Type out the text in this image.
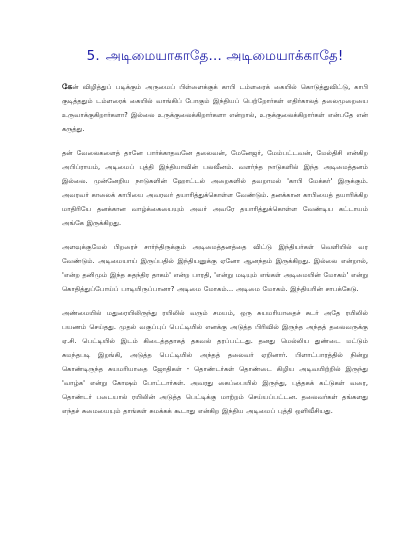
5. அடிமையாகாதே… அடிமையாக்காதே!

கேன் விழித்துப் படிக்கும் அருமைப் பிள்ளைக்குக் காபி டம்ளரைக் கையில் கொடுத்துவிட்டு, காபி குடித்ததும் டம்ளரைக் கையில் வாங்கிப் போகும் இந்தியப் பெற்றோர்கள் எதிர்காலத் தலைமுறையை உருவாக்குகிறார்களா? இல்லை உருக்குலைக்கிறார்களா என்றால், உருக்குலைக்கிறார்கள் என்பதே என் கருத்து.

தன் வேலைகளைத் தானே பார்க்காதவனே தலைவன், மேனேஜர், மேம்பட்டவன், மேல்திசி என்கிற அபிப்ராயம், அடிமைப் புத்தி இந்தியாவின் பலவீனம். வளர்ந்த நாடுகளில் இந்த அடிமைத்தனம் இல்லை. முன்னேறிய நாடுகளின் ஹோட்டல் அறைகளில் தவறாமல் 'காபி மேக்கர்' இருக்கும். அவரவர் காலைக் காபியை அவரவர் தயாரித்துக்கொள்ள வேண்டும். தனக்கான காபியைத் தயாரிக்கிற மாதிரியே தனக்கான வாழ்க்கையையும் அவர் அவரே தயாரித்துக்கொள்ள வேண்டிய கட்டாயம் அங்கே இருக்கிறது.

அளவுக்குமேல் பிறரைச் சார்ந்திருக்கும் அடிமைத்தனத்தை விட்டு இந்தியர்கள் வெளியில் வர வேண்டும். அடிமையாய் இருப்பதில் இந்தியனுக்கு ஏனோ ஆனந்தம் இருக்கிறது. இல்லை என்றால், 'என்ற தனிமும் இந்த சுதந்திர தாகம்' என்ற பாரதி, 'என்று மடியும் எங்கள் அடிமையின் மோகம்' என்று கொதித்துப்போய்ப் பாடியிருப்பானா? அடிமை மோகம்… அடிமை மோகம். இந்தியரின் சாபக்கேடு.

அண்மையில் மதுரையிலிருந்து ரயிலில் வரும் சமயம், ஒரு சுயமரியாதைச் சுடர் அதே ரயிலில் பயணம் செய்தது. முதல் வகுப்புப் பெட்டியில் எனக்கு அடுத்த பிரிவில் இருந்த அந்தத் தலைவருக்கு ஏ.சி. பெட்டியில் இடம் கிடைத்ததாகத் தகவல் தரப்பட்டது. தனது மெல்லிய துண்டை மட்டும் சுமந்தபடி இறங்கி, அடுத்த பெட்டியில் அந்தத் தலைவர் ஏறினார். பிளாட்பாரத்தில் நின்று கொண்டிருந்த சுயமரியாதை ஜோதிகள் - தொண்டர்கள் தொண்டை கிழிய அடிவயிற்றில் இருந்து 'வாழ்க' என்று கோஷம் போட்டார்கள். அவரது கைப்பையில் இருந்து, புத்தகக் கட்டுகள் வரை, தொண்டர் படையால் ரயிலின் அடுத்த பெட்டிக்கு மாற்றம் செய்யப்பட்டன. தலைவர்கள் தங்களது எந்தச் சுமையையும் தாங்கள் சுமக்கக் கூடாது என்கிற இந்திய அடிமைப் புத்தி ஒளிவீசியது.
